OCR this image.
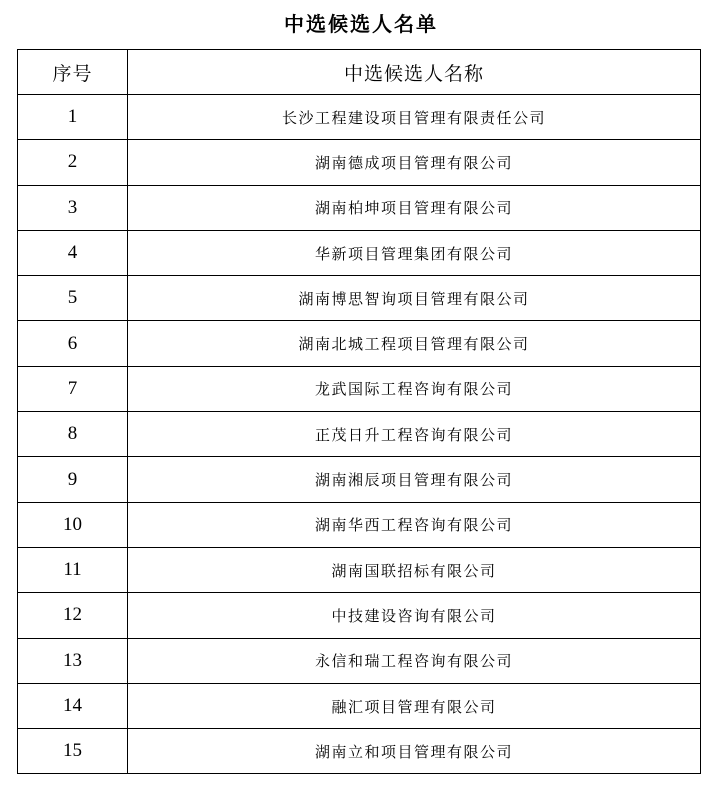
中选候选人名单
序号	中选候选人名称
1	长沙工程建设项目管理有限责任公司
2	湖南德成项目管理有限公司
3	湖南柏坤项目管理有限公司
4	华新项目管理集团有限公司
5	湖南博思智询项目管理有限公司
6	湖南北城工程项目管理有限公司
7	龙武国际工程咨询有限公司
8	正茂日升工程咨询有限公司
9	湖南湘辰项目管理有限公司
10	湖南华西工程咨询有限公司
11	湖南国联招标有限公司
12	中技建设咨询有限公司
13	永信和瑞工程咨询有限公司
14	融汇项目管理有限公司
15	湖南立和项目管理有限公司
